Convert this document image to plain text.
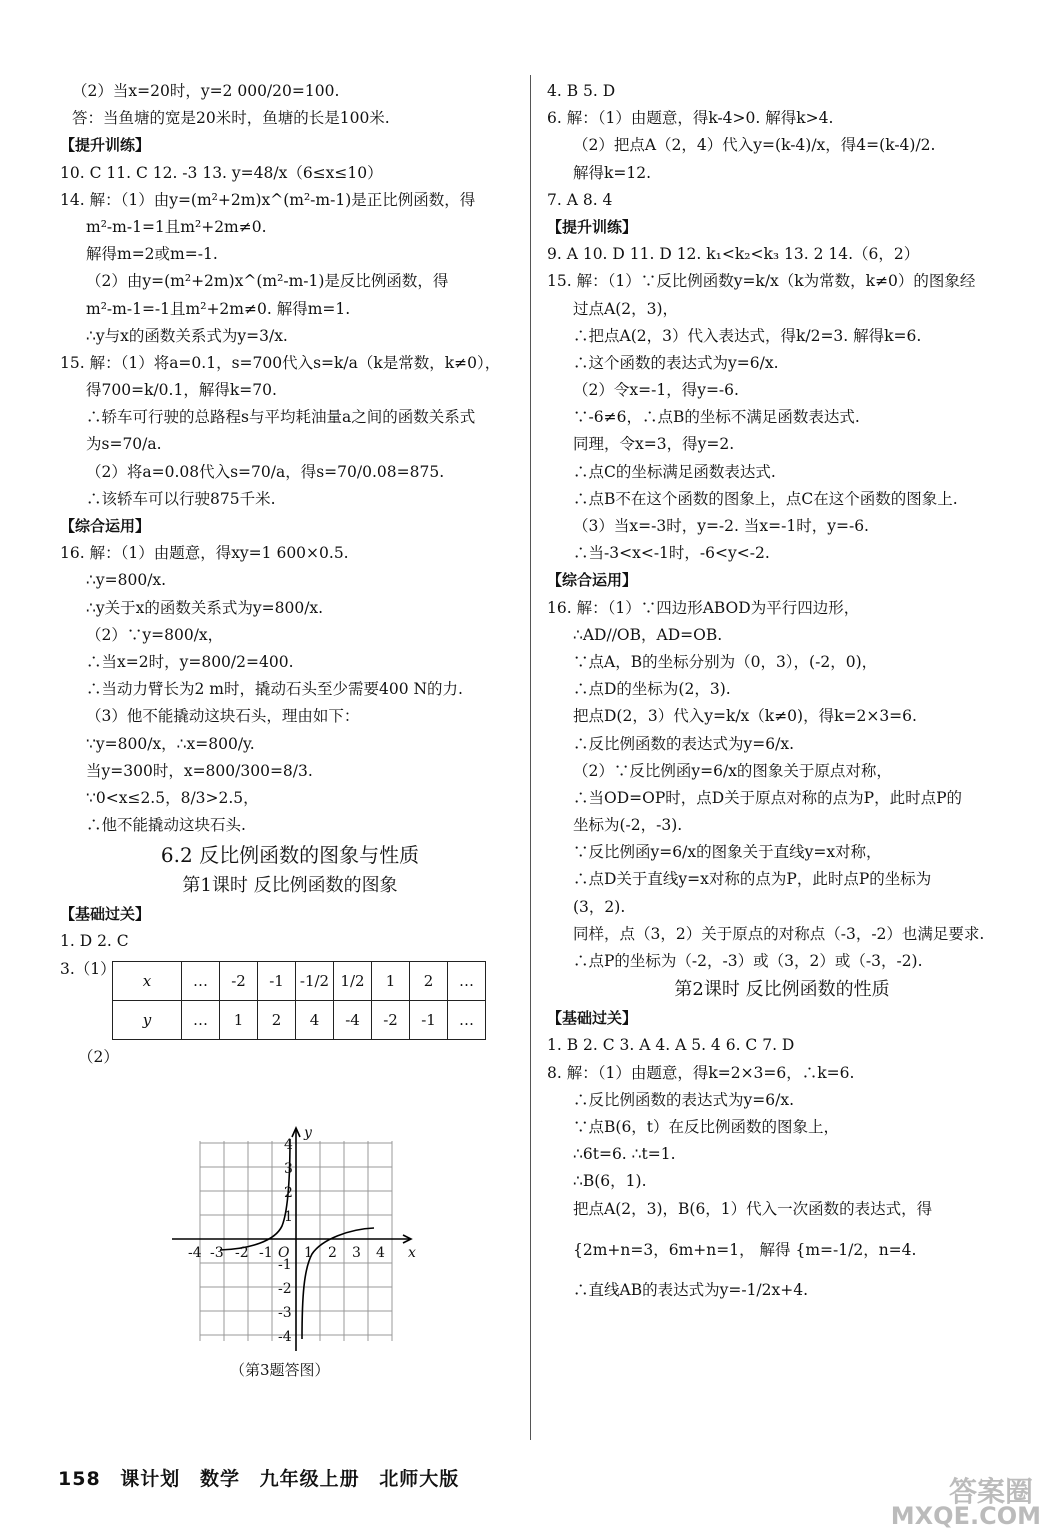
（2）当x=20时，y=2 000/20=100.
答：当鱼塘的宽是20米时，鱼塘的长是100米.
【提升训练】
10. C 11. C 12. -3 13. y=48/x（6≤x≤10）
14. 解：（1）由y=(m²+2m)x^(m²-m-1)是正比例函数，得
m²-m-1=1且m²+2m≠0.
解得m=2或m=-1.
（2）由y=(m²+2m)x^(m²-m-1)是反比例函数，得
m²-m-1=-1且m²+2m≠0. 解得m=1.
∴y与x的函数关系式为y=3/x.
15. 解：（1）将a=0.1，s=700代入s=k/a（k是常数，k≠0），
得700=k/0.1，解得k=70.
∴轿车可行驶的总路程s与平均耗油量a之间的函数关系式
为s=70/a.
（2）将a=0.08代入s=70/a，得s=70/0.08=875.
∴该轿车可以行驶875千米.
【综合运用】
16. 解：（1）由题意，得xy=1 600×0.5.
∴y=800/x.
∴y关于x的函数关系式为y=800/x.
（2）∵y=800/x，
∴当x=2时，y=800/2=400.
∴当动力臂长为2 m时，撬动石头至少需要400 N的力.
（3）他不能撬动这块石头，理由如下：
∵y=800/x，∴x=800/y.
当y=300时，x=800/300=8/3.
∵0<x≤2.5，8/3>2.5，
∴他不能撬动这块石头.
6.2 反比例函数的图象与性质
第1课时 反比例函数的图象
【基础过关】
1. D 2. C
3.（1）
x	…	-2	-1	-1/2	1/2	1	2	…
y	…	1	2	4	-4	-2	-1	…
（2）
-4 -3 -2 -1 1 2 3 4
O	x
y
4
3
2
1
-1
-2
-3
-4
（第3题答图）
4. B 5. D
6. 解：（1）由题意，得k-4>0. 解得k>4.
（2）把点A（2，4）代入y=(k-4)/x，得4=(k-4)/2.
解得k=12.
7. A 8. 4
【提升训练】
9. A 10. D 11. D 12. k₁<k₂<k₃ 13. 2 14.（6，2）
15. 解：（1）∵反比例函数y=k/x（k为常数，k≠0）的图象经
过点A(2，3)，
∴把点A(2，3）代入表达式，得k/2=3. 解得k=6.
∴这个函数的表达式为y=6/x.
（2）令x=-1，得y=-6.
∵-6≠6，∴点B的坐标不满足函数表达式.
同理，令x=3，得y=2.
∴点C的坐标满足函数表达式.
∴点B不在这个函数的图象上，点C在这个函数的图象上.
（3）当x=-3时，y=-2. 当x=-1时，y=-6.
∴当-3<x<-1时，-6<y<-2.
【综合运用】
16. 解：（1）∵四边形ABOD为平行四边形，
∴AD//OB，AD=OB.
∵点A，B的坐标分别为（0，3），(-2，0)，
∴点D的坐标为(2，3).
把点D(2，3）代入y=k/x（k≠0)，得k=2×3=6.
∴反比例函数的表达式为y=6/x.
（2）∵反比例函y=6/x的图象关于原点对称，
∴当OD=OP时，点D关于原点对称的点为P，此时点P的
坐标为(-2，-3).
∵反比例函y=6/x的图象关于直线y=x对称，
∴点D关于直线y=x对称的点为P，此时点P的坐标为
(3，2).
同样，点（3，2）关于原点的对称点（-3，-2）也满足要求.
∴点P的坐标为（-2，-3）或（3，2）或（-3，-2).
第2课时 反比例函数的性质
【基础过关】
1. B 2. C 3. A 4. A 5. 4 6. C 7. D
8. 解：（1）由题意，得k=2×3=6，∴k=6.
∴反比例函数的表达式为y=6/x.
∵点B(6，t）在反比例函数的图象上，
∴6t=6. ∴t=1.
∴B(6，1).
把点A(2，3)，B(6，1）代入一次函数的表达式，得
{2m+n=3，6m+n=1， 解得 {m=-1/2，n=4.
∴直线AB的表达式为y=-1/2x+4.
158 课计划 数学 九年级上册 北师大版	答案圈
MXQE.COM
